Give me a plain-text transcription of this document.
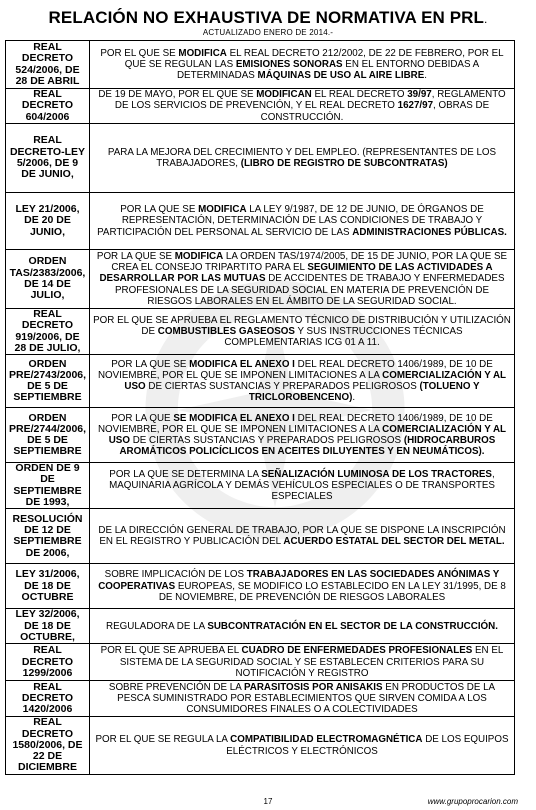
RELACIÓN NO EXHAUSTIVA DE NORMATIVA EN PRL.
ACTUALIZADO ENERO DE 2014.-
REAL DECRETO 524/2006, DE 28 DE ABRIL	POR EL QUE SE MODIFICA EL REAL DECRETO 212/2002, DE 22 DE FEBRERO, POR EL QUE SE REGULAN LAS EMISIONES SONORAS EN EL ENTORNO DEBIDAS A DETERMINADAS MÁQUINAS DE USO AL AIRE LIBRE.
REAL DECRETO 604/2006	DE 19 DE MAYO, POR EL QUE SE MODIFICAN EL REAL DECRETO 39/97, REGLAMENTO DE LOS SERVICIOS DE PREVENCIÓN, Y EL REAL DECRETO 1627/97, OBRAS DE CONSTRUCCIÓN.
REAL DECRETO-LEY 5/2006, DE 9 DE JUNIO,	PARA LA MEJORA DEL CRECIMIENTO Y DEL EMPLEO. (REPRESENTANTES DE LOS TRABAJADORES, (LIBRO DE REGISTRO DE SUBCONTRATAS)
LEY 21/2006, DE 20 DE JUNIO,	POR LA QUE SE MODIFICA LA LEY 9/1987, DE 12 DE JUNIO, DE ÓRGANOS DE REPRESENTACIÓN, DETERMINACIÓN DE LAS CONDICIONES DE TRABAJO Y PARTICIPACIÓN DEL PERSONAL AL SERVICIO DE LAS ADMINISTRACIONES PÚBLICAS.
ORDEN TAS/2383/2006, DE 14 DE JULIO,	POR LA QUE SE MODIFICA LA ORDEN TAS/1974/2005, DE 15 DE JUNIO, POR LA QUE SE CREA EL CONSEJO TRIPARTITO PARA EL SEGUIMIENTO DE LAS ACTIVIDADES A DESARROLLAR POR LAS MUTUAS DE ACCIDENTES DE TRABAJO Y ENFERMEDADES PROFESIONALES DE LA SEGURIDAD SOCIAL EN MATERIA DE PREVENCIÓN DE RIESGOS LABORALES EN EL ÁMBITO DE LA SEGURIDAD SOCIAL.
REAL DECRETO 919/2006, DE 28 DE JULIO,	POR EL QUE SE APRUEBA EL REGLAMENTO TÉCNICO DE DISTRIBUCIÓN Y UTILIZACIÓN DE COMBUSTIBLES GASEOSOS Y SUS INSTRUCCIONES TÉCNICAS COMPLEMENTARIAS ICG 01 A 11.
ORDEN PRE/2743/2006, DE 5 DE SEPTIEMBRE	POR LA QUE SE MODIFICA EL ANEXO I DEL REAL DECRETO 1406/1989, DE 10 DE NOVIEMBRE, POR EL QUE SE IMPONEN LIMITACIONES A LA COMERCIALIZACIÓN Y AL USO DE CIERTAS SUSTANCIAS Y PREPARADOS PELIGROSOS (TOLUENO Y TRICLOROBENCENO).
ORDEN PRE/2744/2006, DE 5 DE SEPTIEMBRE	POR LA QUE SE MODIFICA EL ANEXO I DEL REAL DECRETO 1406/1989, DE 10 DE NOVIEMBRE, POR EL QUE SE IMPONEN LIMITACIONES A LA COMERCIALIZACIÓN Y AL USO DE CIERTAS SUSTANCIAS Y PREPARADOS PELIGROSOS (HIDROCARBUROS AROMÁTICOS POLICÍCLICOS EN ACEITES DILUYENTES Y EN NEUMÁTICOS).
ORDEN DE 9 DE SEPTIEMBRE DE 1993,	POR LA QUE SE DETERMINA LA SEÑALIZACIÓN LUMINOSA DE LOS TRACTORES, MAQUINARIA AGRÍCOLA Y DEMÁS VEHÍCULOS ESPECIALES O DE TRANSPORTES ESPECIALES
RESOLUCIÓN DE 12 DE SEPTIEMBRE DE 2006,	DE LA DIRECCIÓN GENERAL DE TRABAJO, POR LA QUE SE DISPONE LA INSCRIPCIÓN EN EL REGISTRO Y PUBLICACIÓN DEL ACUERDO ESTATAL DEL SECTOR DEL METAL.
LEY 31/2006, DE 18 DE OCTUBRE	SOBRE IMPLICACIÓN DE LOS TRABAJADORES EN LAS SOCIEDADES ANÓNIMAS Y COOPERATIVAS EUROPEAS, SE MODIFICO LO ESTABLECIDO EN LA LEY 31/1995, DE 8 DE NOVIEMBRE, DE PREVENCIÓN DE RIESGOS LABORALES
LEY 32/2006, DE 18 DE OCTUBRE,	REGULADORA DE LA SUBCONTRATACIÓN EN EL SECTOR DE LA CONSTRUCCIÓN.
REAL DECRETO 1299/2006	POR EL QUE SE APRUEBA EL CUADRO DE ENFERMEDADES PROFESIONALES EN EL SISTEMA DE LA SEGURIDAD SOCIAL Y SE ESTABLECEN CRITERIOS PARA SU NOTIFICACIÓN Y REGISTRO
REAL DECRETO 1420/2006	SOBRE PREVENCIÓN DE LA PARASITOSIS POR ANISAKIS EN PRODUCTOS DE LA PESCA SUMINISTRADO POR ESTABLECIMIENTOS QUE SIRVEN COMIDA A LOS CONSUMIDORES FINALES O A COLECTIVIDADES
REAL DECRETO 1580/2006, DE 22 DE DICIEMBRE	POR EL QUE SE REGULA LA COMPATIBILIDAD ELECTROMAGNÉTICA DE LOS EQUIPOS ELÉCTRICOS Y ELECTRÓNICOS
17	www.grupoprocarion.com
